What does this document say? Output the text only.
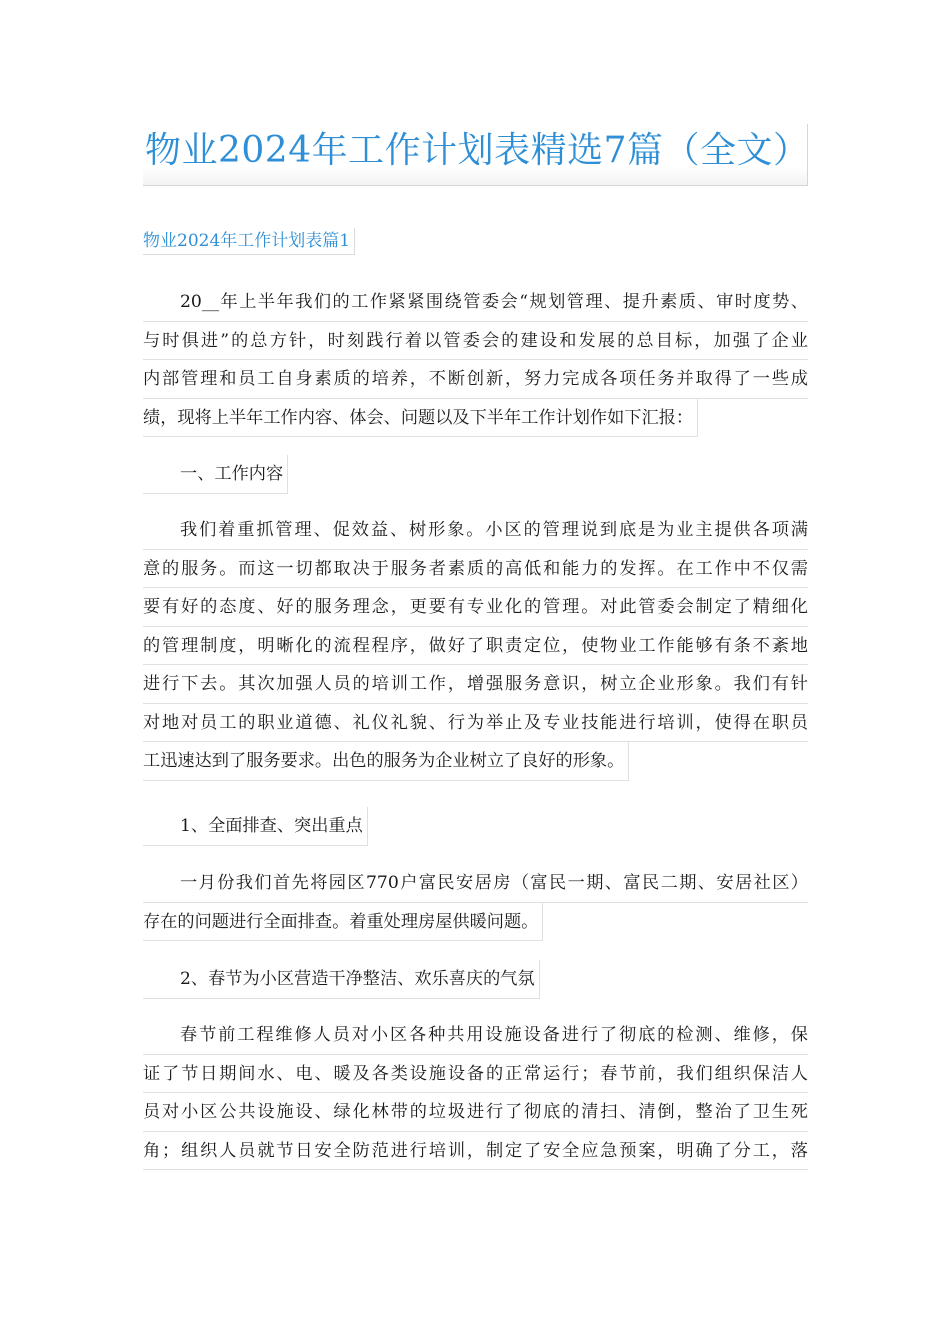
物业2024年工作计划表精选7篇（全文）
物业2024年工作计划表篇1

20__年上半年我们的工作紧紧围绕管委会“规划管理、提升素质、审时度势、
与时俱进”的总方针，时刻践行着以管委会的建设和发展的总目标，加强了企业
内部管理和员工自身素质的培养，不断创新，努力完成各项任务并取得了一些成
绩，现将上半年工作内容、体会、问题以及下半年工作计划作如下汇报：

一、工作内容

我们着重抓管理、促效益、树形象。小区的管理说到底是为业主提供各项满
意的服务。而这一切都取决于服务者素质的高低和能力的发挥。在工作中不仅需
要有好的态度、好的服务理念，更要有专业化的管理。对此管委会制定了精细化
的管理制度，明晰化的流程程序，做好了职责定位，使物业工作能够有条不紊地
进行下去。其次加强人员的培训工作，增强服务意识，树立企业形象。我们有针
对地对员工的职业道德、礼仪礼貌、行为举止及专业技能进行培训，使得在职员
工迅速达到了服务要求。出色的服务为企业树立了良好的形象。

1、全面排查、突出重点

一月份我们首先将园区770户富民安居房（富民一期、富民二期、安居社区）
存在的问题进行全面排查。着重处理房屋供暖问题。

2、春节为小区营造干净整洁、欢乐喜庆的气氛

春节前工程维修人员对小区各种共用设施设备进行了彻底的检测、维修，保
证了节日期间水、电、暖及各类设施设备的正常运行；春节前，我们组织保洁人
员对小区公共设施设、绿化林带的垃圾进行了彻底的清扫、清倒，整治了卫生死
角；组织人员就节日安全防范进行培训，制定了安全应急预案，明确了分工，落
